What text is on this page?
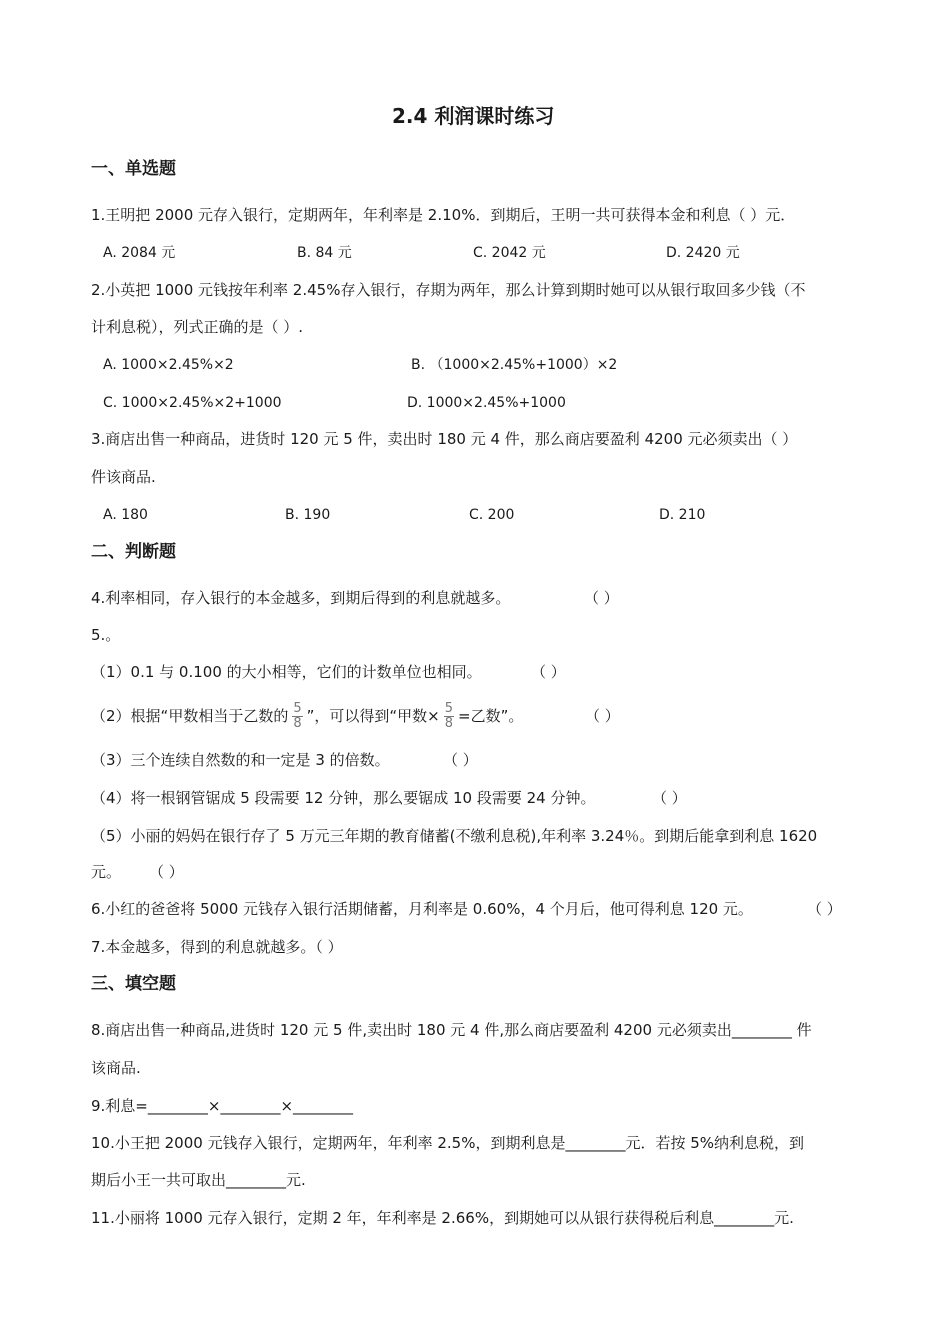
2.4 利润课时练习
一、单选题
1.王明把 2000 元存入银行，定期两年，年利率是 2.10%．到期后，王明一共可获得本金和利息（ ）元．
A. 2084 元	B. 84 元	C. 2042 元	D. 2420 元
2.小英把 1000 元钱按年利率 2.45%存入银行，存期为两年，那么计算到期时她可以从银行取回多少钱（不
计利息税），列式正确的是（ ）.
A. 1000×2.45%×2	B. （1000×2.45%+1000）×2
C. 1000×2.45%×2+1000	D. 1000×2.45%+1000
3.商店出售一种商品，进货时 120 元 5 件，卖出时 180 元 4 件，那么商店要盈利 4200 元必须卖出（ ）
件该商品.
A. 180	B. 190	C. 200	D. 210
二、判断题
4.利率相同，存入银行的本金越多，到期后得到的利息就越多。	（ ）
5.。
（1）0.1 与 0.100 的大小相等，它们的计数单位也相同。	（ ）
（2）根据“甲数相当于乙数的 $\frac{5}{8}$ ”，可以得到“甲数× $\frac{5}{8}$ =乙数”。	（ ）
（3）三个连续自然数的和一定是 3 的倍数。	（ ）
（4）将一根钢管锯成 5 段需要 12 分钟，那么要锯成 10 段需要 24 分钟。	（ ）
（5）小丽的妈妈在银行存了 5 万元三年期的教育储蓄(不缴利息税),年利率 3.24％。到期后能拿到利息 1620
元。 （ ）
6.小红的爸爸将 5000 元钱存入银行活期储蓄，月利率是 0.60%，4 个月后，他可得利息 120 元。	（ ）
7.本金越多，得到的利息就越多。（ ）
三、填空题
8.商店出售一种商品,进货时 120 元 5 件,卖出时 180 元 4 件,那么商店要盈利 4200 元必须卖出________ 件
该商品.
9.利息=________×________×________
10.小王把 2000 元钱存入银行，定期两年，年利率 2.5%，到期利息是________元．若按 5%纳利息税，到
期后小王一共可取出________元.
11.小丽将 1000 元存入银行，定期 2 年，年利率是 2.66%，到期她可以从银行获得税后利息________元.
